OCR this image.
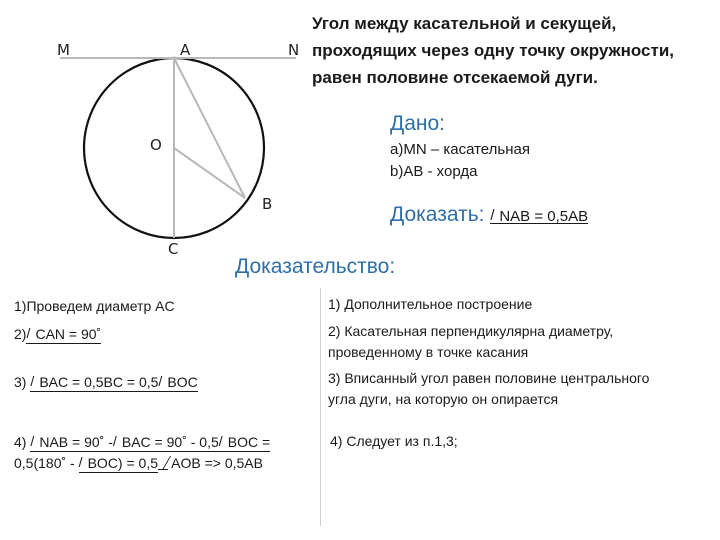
M	A	N
O
B
C
Угол между касательной и секущей,
проходящих через одну точку окружности,
равен половине отсекаемой дуги.
Дано:
a)MN – касательная
b)AB - хорда
Доказать: / NAB = 0,5AB
Доказательство:
1)Проведем диаметр AC	1) Дополнительное построение
2) / CAN = 90˚	2) Касательная перпендикулярна диаметру,
проведенному в точке касания
3) / BAC = 0,5BC = 0,5 / BOC	3) Вписанный угол равен половине центрального
угла дуги, на которую он опирается
4) / NAB = 90˚ -/ BAC = 90˚ - 0,5 / BOC =
0,5(180˚ - / BOC) = 0,5 AOB => 0,5AB
4) Следует из п.1,3;
